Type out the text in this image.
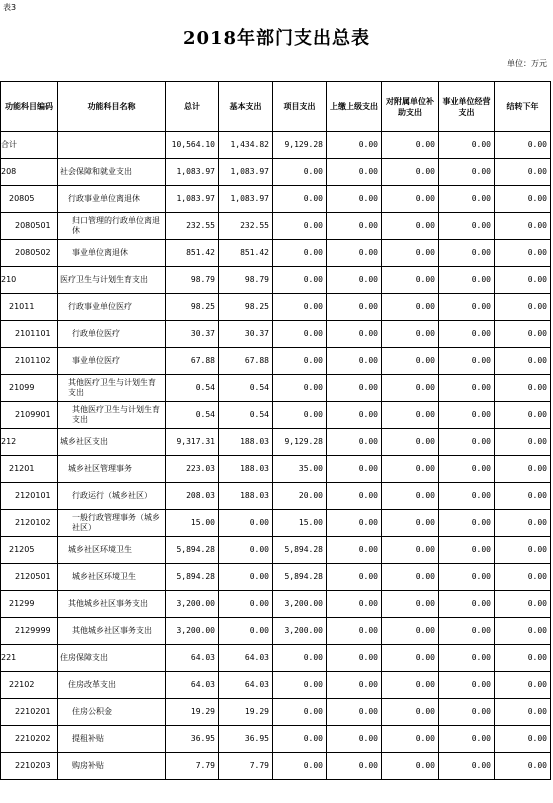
表3
2018年部门支出总表
单位：万元
功能科目编码	功能科目名称	总计	基本支出	项目支出	上缴上级支出	对附属单位补助支出	事业单位经营支出	结转下年
合计		10,564.10	1,434.82	9,129.28	0.00	0.00	0.00	0.00
208	社会保障和就业支出	1,083.97	1,083.97	0.00	0.00	0.00	0.00	0.00
20805	行政事业单位离退休	1,083.97	1,083.97	0.00	0.00	0.00	0.00	0.00
2080501	归口管理的行政单位离退休	232.55	232.55	0.00	0.00	0.00	0.00	0.00
2080502	事业单位离退休	851.42	851.42	0.00	0.00	0.00	0.00	0.00
210	医疗卫生与计划生育支出	98.79	98.79	0.00	0.00	0.00	0.00	0.00
21011	行政事业单位医疗	98.25	98.25	0.00	0.00	0.00	0.00	0.00
2101101	行政单位医疗	30.37	30.37	0.00	0.00	0.00	0.00	0.00
2101102	事业单位医疗	67.88	67.88	0.00	0.00	0.00	0.00	0.00
21099	其他医疗卫生与计划生育支出	0.54	0.54	0.00	0.00	0.00	0.00	0.00
2109901	其他医疗卫生与计划生育支出	0.54	0.54	0.00	0.00	0.00	0.00	0.00
212	城乡社区支出	9,317.31	188.03	9,129.28	0.00	0.00	0.00	0.00
21201	城乡社区管理事务	223.03	188.03	35.00	0.00	0.00	0.00	0.00
2120101	行政运行（城乡社区）	208.03	188.03	20.00	0.00	0.00	0.00	0.00
2120102	一般行政管理事务（城乡社区）	15.00	0.00	15.00	0.00	0.00	0.00	0.00
21205	城乡社区环境卫生	5,894.28	0.00	5,894.28	0.00	0.00	0.00	0.00
2120501	城乡社区环境卫生	5,894.28	0.00	5,894.28	0.00	0.00	0.00	0.00
21299	其他城乡社区事务支出	3,200.00	0.00	3,200.00	0.00	0.00	0.00	0.00
2129999	其他城乡社区事务支出	3,200.00	0.00	3,200.00	0.00	0.00	0.00	0.00
221	住房保障支出	64.03	64.03	0.00	0.00	0.00	0.00	0.00
22102	住房改革支出	64.03	64.03	0.00	0.00	0.00	0.00	0.00
2210201	住房公积金	19.29	19.29	0.00	0.00	0.00	0.00	0.00
2210202	提租补贴	36.95	36.95	0.00	0.00	0.00	0.00	0.00
2210203	购房补贴	7.79	7.79	0.00	0.00	0.00	0.00	0.00
